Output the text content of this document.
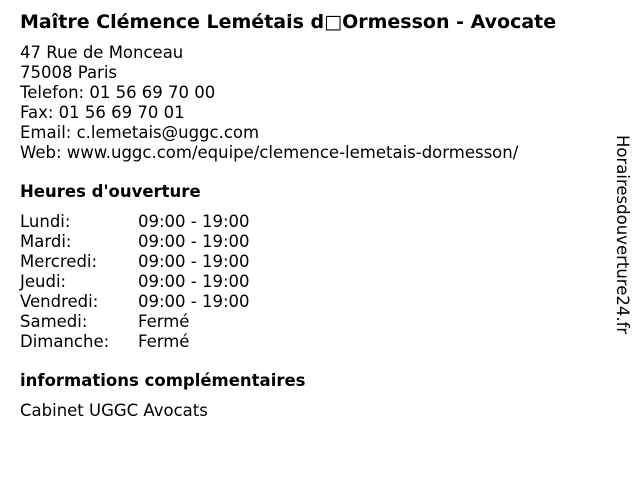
Maître Clémence Lemétais d□Ormesson - Avocate
47 Rue de Monceau
75008 Paris
Telefon: 01 56 69 70 00
Fax: 01 56 69 70 01
Email: c.lemetais@uggc.com
Web: www.uggc.com/equipe/clemence-lemetais-dormesson/
Heures d'ouverture
Lundi:	09:00 - 19:00
Mardi:	09:00 - 19:00
Mercredi:	09:00 - 19:00
Jeudi:	09:00 - 19:00
Vendredi:	09:00 - 19:00
Samedi:	Fermé
Dimanche:	Fermé
informations complémentaires
Cabinet UGGC Avocats
Horairesdouverture24.fr
